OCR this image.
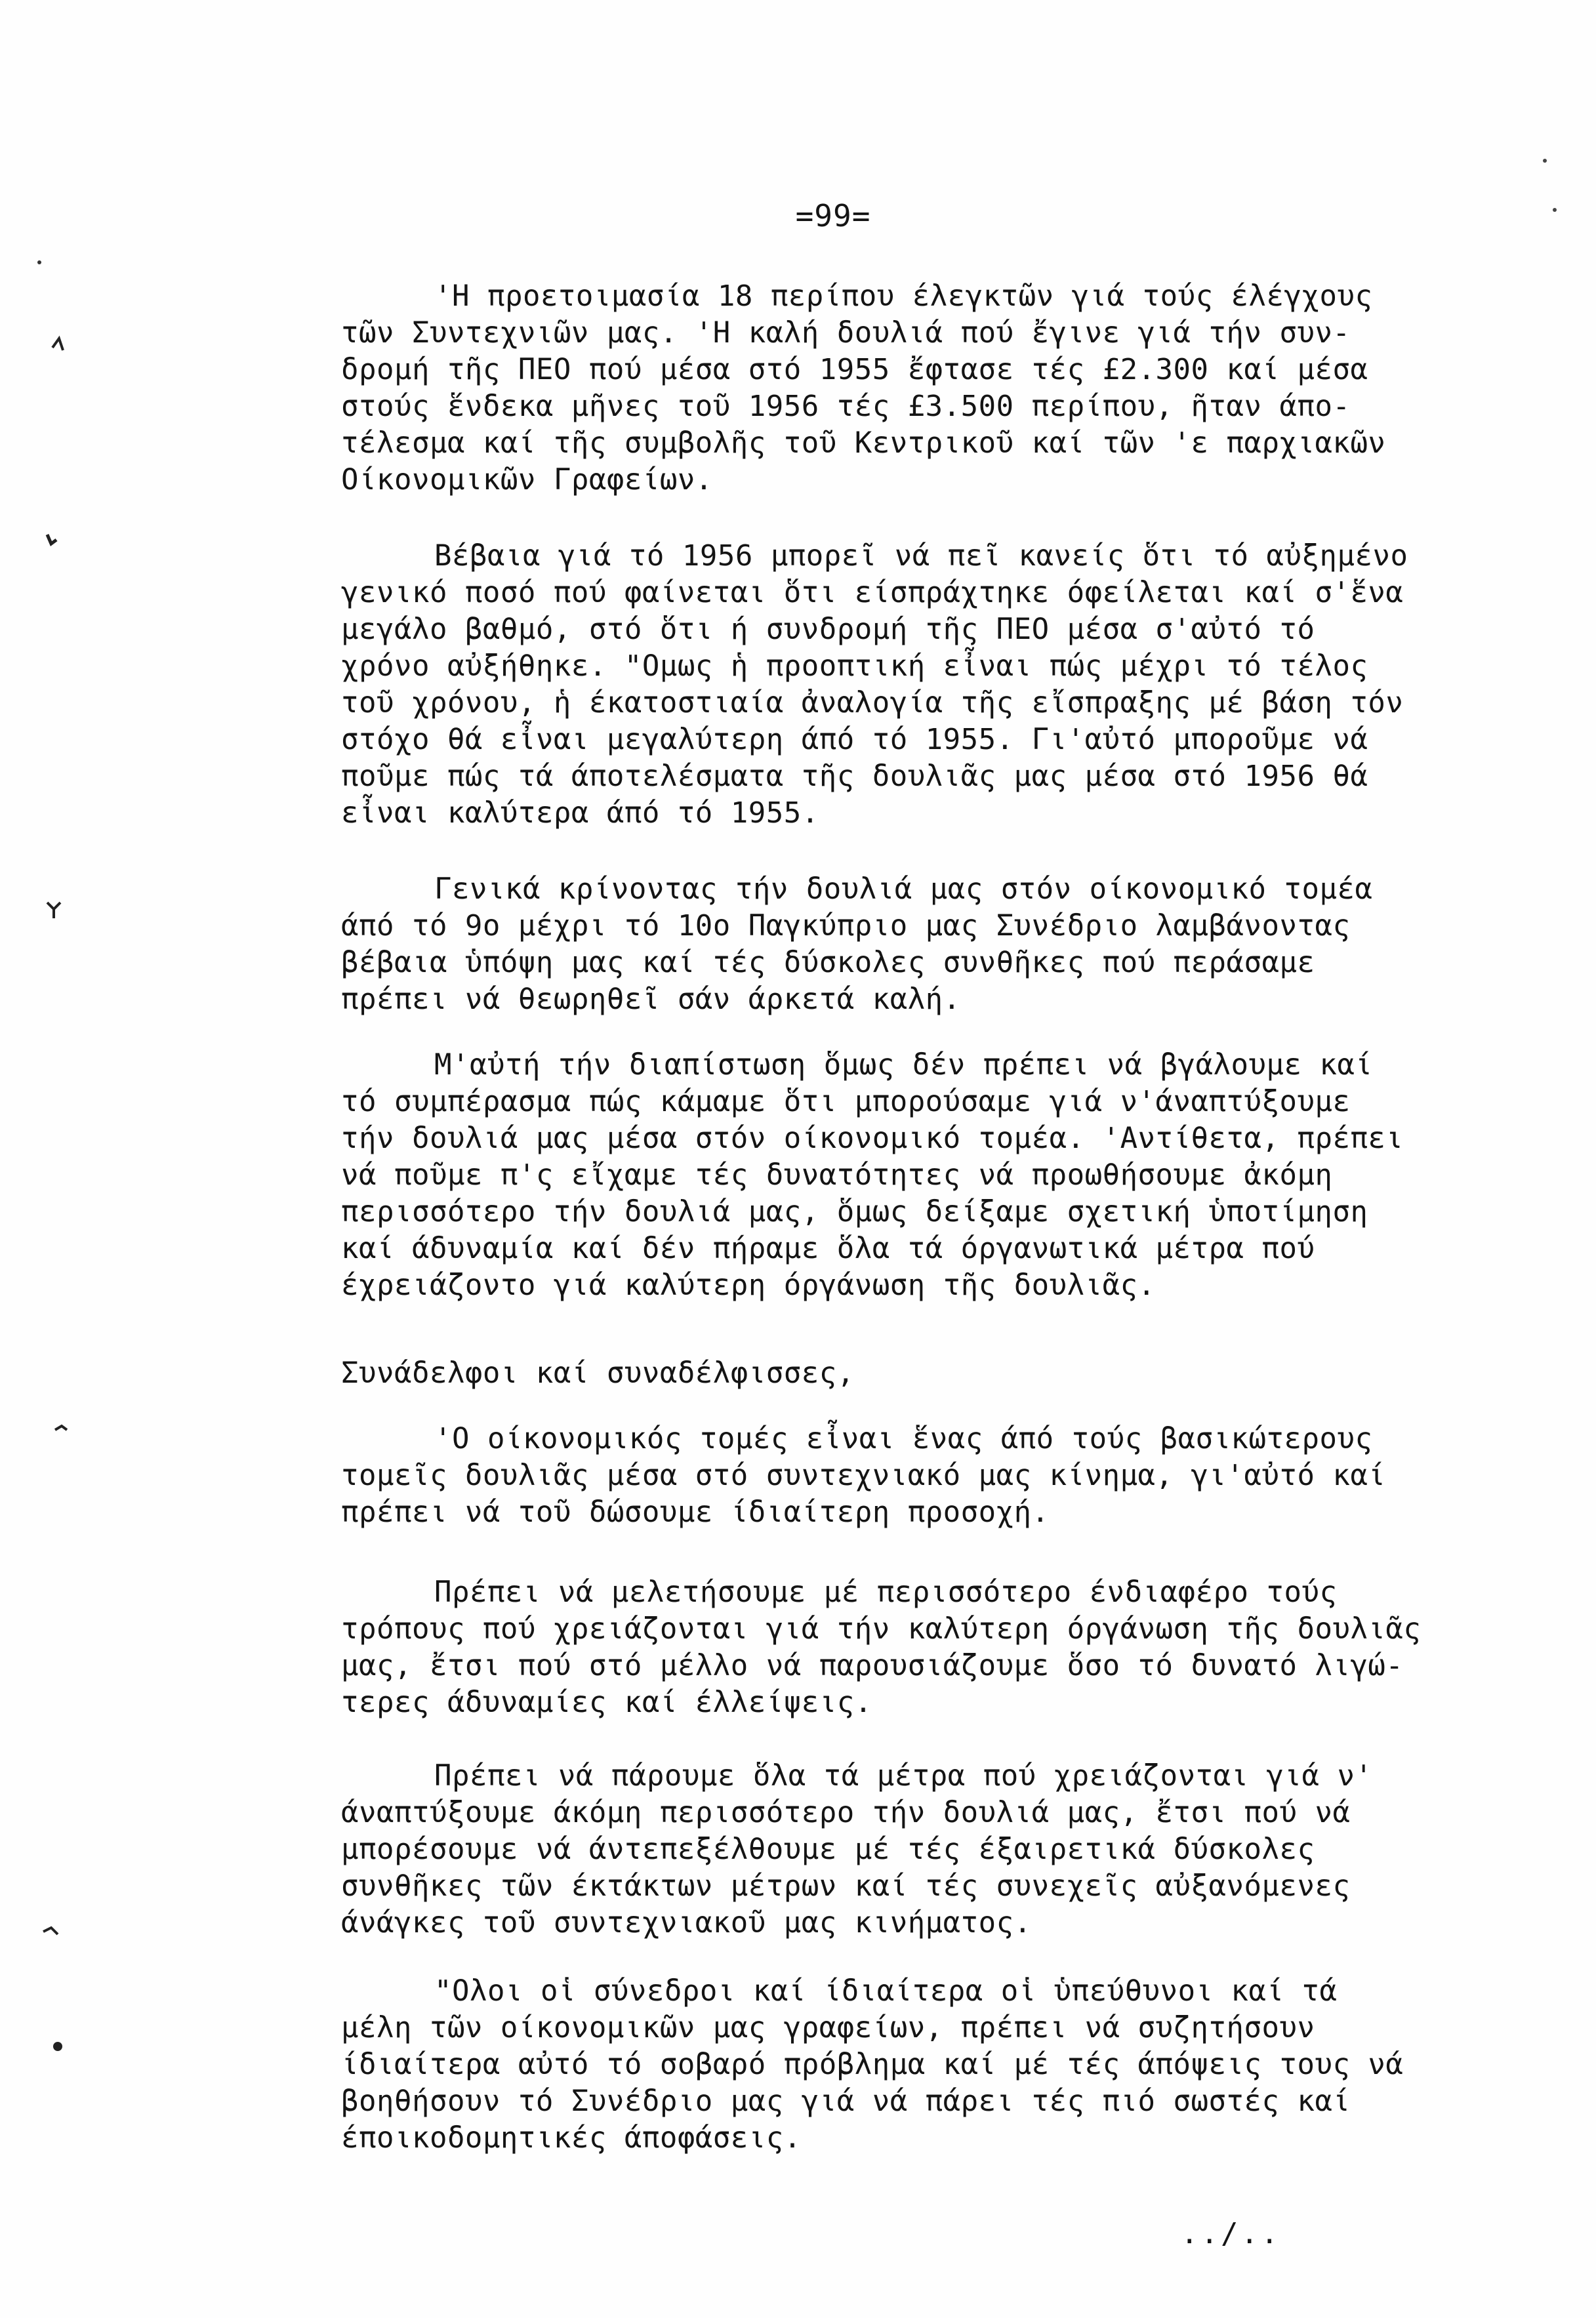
=99=
'Η προετοιμασία 18 περίπου έλεγκτῶν γιά τούς έλέγχους
τῶν Συντεχνιῶν μας. 'Η καλή δουλιά πού ἔγινε γιά τήν συν-
δρομή τῆς ΠΕΟ πού μέσα στό 1955 ἔφτασε τές £2.300 καί μέσα
στούς ἕνδεκα μῆνες τοῦ 1956 τές £3.500 περίπου, ῆταν άπο-
τέλεσμα καί τῆς συμβολῆς τοῦ Κεντρικοῦ καί τῶν 'ε παρχιακῶν
Οίκονομικῶν Γραφείων.
Βέβαια γιά τό 1956 μπορεῖ νά πεῖ κανείς ὅτι τό αὐξημένο
γενικό ποσό πού φαίνεται ὅτι είσπράχτηκε όφείλεται καί σ'ἕνα
μεγάλο βαθμό, στό ὅτι ή συνδρομή τῆς ΠΕΟ μέσα σ'αὐτό τό
χρόνο αὐξήθηκε. "Ομως ἡ προοπτική εἶναι πώς μέχρι τό τέλος
τοῦ χρόνου, ἡ έκατοστιαία ἀναλογία τῆς εἴσπραξης μέ βάση τόν
στόχο θά εἶναι μεγαλύτερη άπό τό 1955. Γι'αὐτό μποροῦμε νά
ποῦμε πώς τά άποτελέσματα τῆς δουλιᾶς μας μέσα στό 1956 θά
εἶναι καλύτερα άπό τό 1955.
Γενικά κρίνοντας τήν δουλιά μας στόν οίκονομικό τομέα
άπό τό 9ο μέχρι τό 10ο Παγκύπριο μας Συνέδριο λαμβάνοντας
βέβαια ὑπόψη μας καί τές δύσκολες συνθῆκες πού περάσαμε
πρέπει νά θεωρηθεῖ σάν άρκετά καλή.
Μ'αὐτή τήν διαπίστωση ὅμως δέν πρέπει νά βγάλουμε καί
τό συμπέρασμα πώς κάμαμε ὅτι μπορούσαμε γιά ν'άναπτύξουμε
τήν δουλιά μας μέσα στόν οίκονομικό τομέα. 'Αντίθετα, πρέπει
νά ποῦμε π'ς εἴχαμε τές δυνατότητες νά προωθήσουμε ἀκόμη
περισσότερο τήν δουλιά μας, ὅμως δείξαμε σχετική ὑποτίμηση
καί άδυναμία καί δέν πήραμε ὅλα τά όργανωτικά μέτρα πού
έχρειάζοντο γιά καλύτερη όργάνωση τῆς δουλιᾶς.
Συνάδελφοι καί συναδέλφισσες,
'Ο οίκονομικός τομές εἶναι ἕνας άπό τούς βασικώτερους
τομεῖς δουλιᾶς μέσα στό συντεχνιακό μας κίνημα, γι'αὐτό καί
πρέπει νά τοῦ δώσουμε ίδιαίτερη προσοχή.
Πρέπει νά μελετήσουμε μέ περισσότερο ένδιαφέρο τούς
τρόπους πού χρειάζονται γιά τήν καλύτερη όργάνωση τῆς δουλιᾶς
μας, ἔτσι πού στό μέλλο νά παρουσιάζουμε ὅσο τό δυνατό λιγώ-
τερες άδυναμίες καί έλλείψεις.
Πρέπει νά πάρουμε ὅλα τά μέτρα πού χρειάζονται γιά ν'
άναπτύξουμε άκόμη περισσότερο τήν δουλιά μας, ἔτσι πού νά
μπορέσουμε νά άντεπεξέλθουμε μέ τές έξαιρετικά δύσκολες
συνθῆκες τῶν έκτάκτων μέτρων καί τές συνεχεῖς αὐξανόμενες
άνάγκες τοῦ συντεχνιακοῦ μας κινήματος.
"Ολοι οἱ σύνεδροι καί ίδιαίτερα οἱ ὑπεύθυνοι καί τά
μέλη τῶν οίκονομικῶν μας γραφείων, πρέπει νά συζητήσουν
ίδιαίτερα αὐτό τό σοβαρό πρόβλημα καί μέ τές άπόψεις τους νά
βοηθήσουν τό Συνέδριο μας γιά νά πάρει τές πιό σωστές καί
έποικοδομητικές άποφάσεις.
../..
